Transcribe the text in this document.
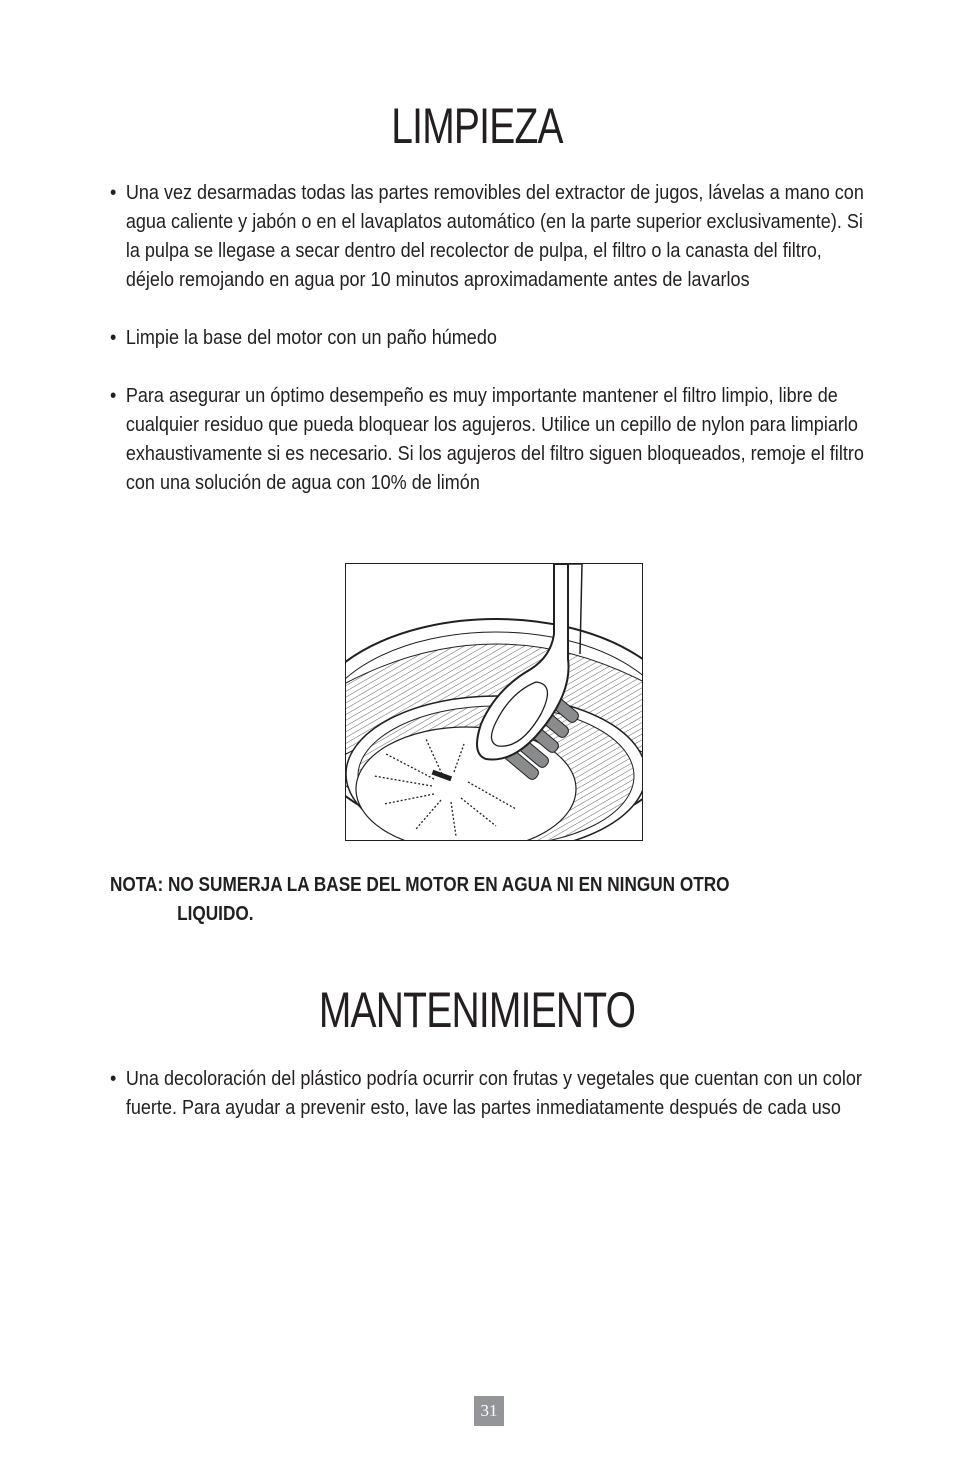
LIMPIEZA
• Una vez desarmadas todas las partes removibles del extractor de jugos, lávelas a mano con agua caliente y jabón o en el lavaplatos automático (en la parte superior exclusivamente). Si la pulpa se llegase a secar dentro del recolector de pulpa, el filtro o la canasta del filtro, déjelo remojando en agua por 10 minutos aproximadamente antes de lavarlos
• Limpie la base del motor con un paño húmedo
• Para asegurar un óptimo desempeño es muy importante mantener el filtro limpio, libre de cualquier residuo que pueda bloquear los agujeros. Utilice un cepillo de nylon para limpiarlo exhaustivamente si es necesario. Si los agujeros del filtro siguen bloqueados, remoje el filtro con una solución de agua con 10% de limón
NOTA: NO SUMERJA LA BASE DEL MOTOR EN AGUA NI EN NINGUN OTRO
LIQUIDO.
MANTENIMIENTO
• Una decoloración del plástico podría ocurrir con frutas y vegetales que cuentan con un color fuerte. Para ayudar a prevenir esto, lave las partes inmediatamente después de cada uso
31
